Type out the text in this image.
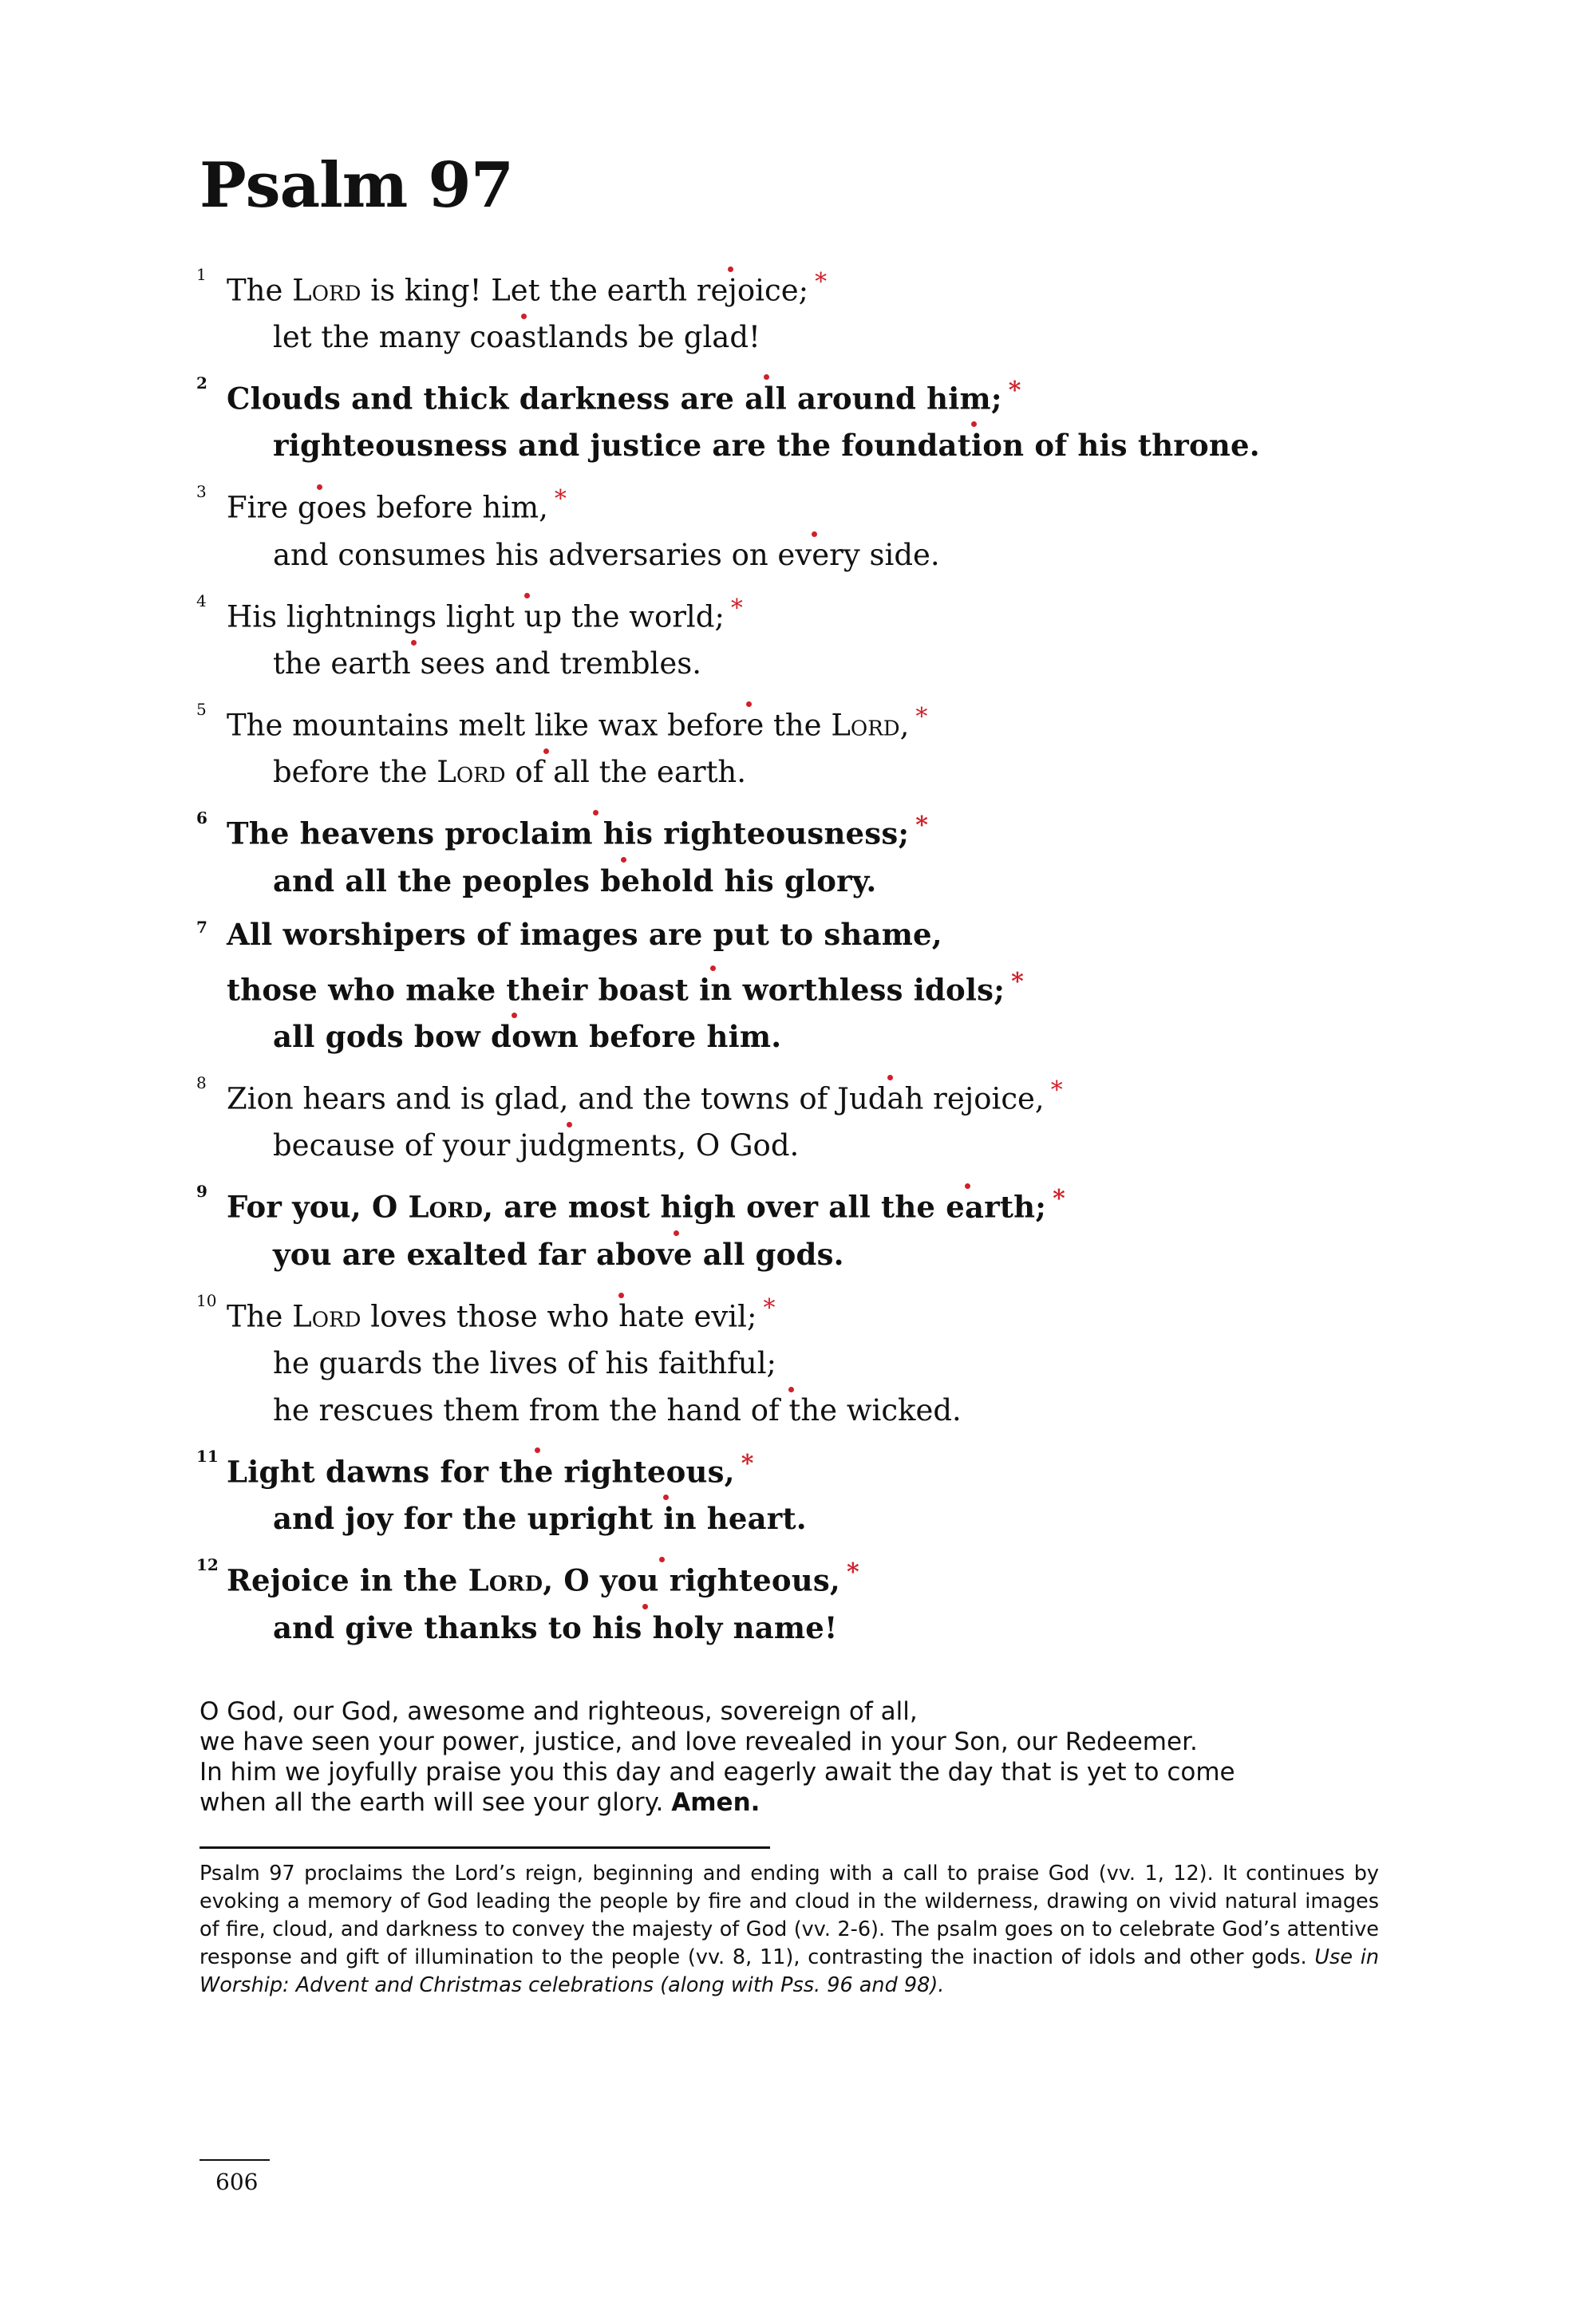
Psalm 97
1 The Lord is king! Let the earth rejoice; *
let the many coastlands be glad!
2 Clouds and thick darkness are all around him; *
righteousness and justice are the foundation of his throne.
3 Fire goes before him, *
and consumes his adversaries on every side.
4 His lightnings light up the world; *
the earth sees and trembles.
5 The mountains melt like wax before the Lord, *
before the Lord of all the earth.
6 The heavens proclaim his righteousness; *
and all the peoples behold his glory.
7 All worshipers of images are put to shame,
those who make their boast in worthless idols; *
all gods bow down before him.
8 Zion hears and is glad, and the towns of Judah rejoice, *
because of your judgments, O God.
9 For you, O Lord, are most high over all the earth; *
you are exalted far above all gods.
10 The Lord loves those who hate evil; *
he guards the lives of his faithful;
he rescues them from the hand of the wicked.
11 Light dawns for the righteous, *
and joy for the upright in heart.
12 Rejoice in the Lord, O you righteous, *
and give thanks to his holy name!
O God, our God, awesome and righteous, sovereign of all,
we have seen your power, justice, and love revealed in your Son, our Redeemer.
In him we joyfully praise you this day and eagerly await the day that is yet to come
when all the earth will see your glory. Amen.
Psalm 97 proclaims the Lord’s reign, beginning and ending with a call to praise God (vv. 1, 12). It continues by evoking a memory of God leading the people by fire and cloud in the wilderness, drawing on vivid natural images of fire, cloud, and darkness to convey the majesty of God (vv. 2-6). The psalm goes on to celebrate God’s attentive response and gift of illumination to the people (vv. 8, 11), contrasting the inaction of idols and other gods. Use in Worship: Advent and Christmas celebrations (along with Pss. 96 and 98).
606
